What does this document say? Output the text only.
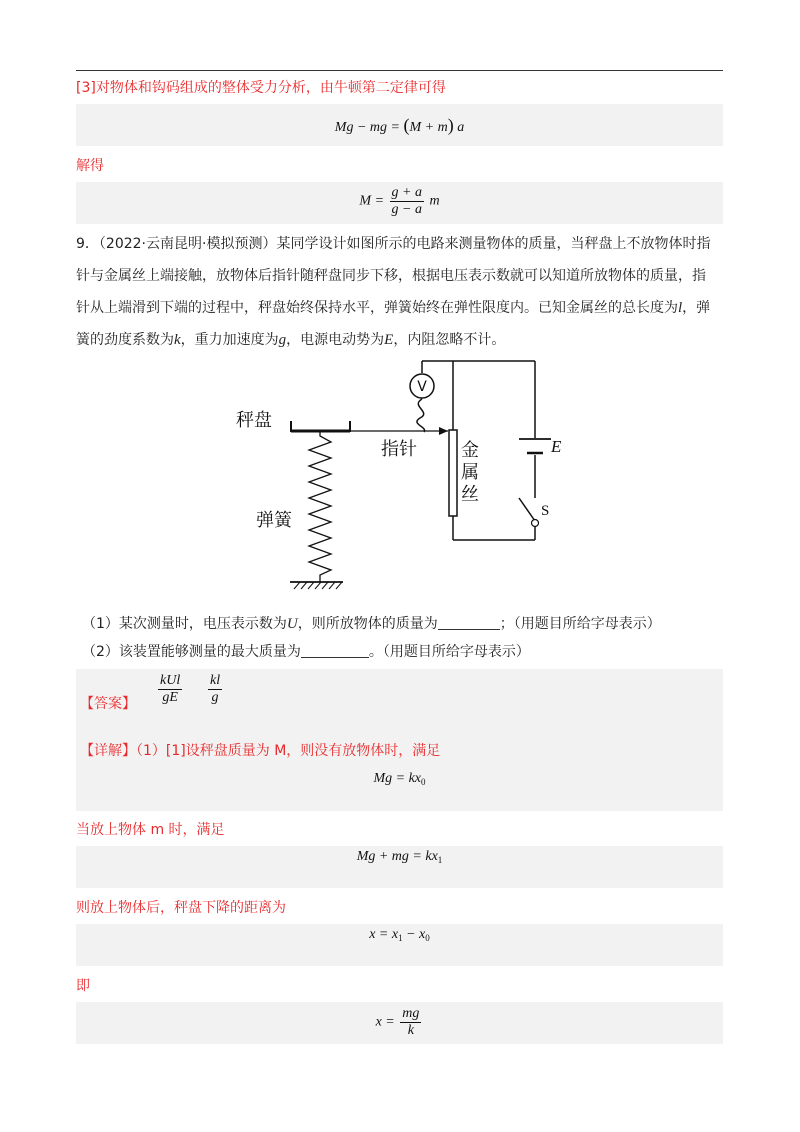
[3]对物体和钩码组成的整体受力分析，由牛顿第二定律可得
Mg − mg = (M + m) a
解得
$M = \frac{g + a}{g - a}$ m
9．（2022·云南昆明·模拟预测）某同学设计如图所示的电路来测量物体的质量，当秤盘上不放物体时指
针与金属丝上端接触，放物体后指针随秤盘同步下移，根据电压表示数就可以知道所放物体的质量，指
针从上端滑到下端的过程中，秤盘始终保持水平，弹簧始终在弹性限度内。已知金属丝的总长度为l，弹
簧的劲度系数为k，重力加速度为g，电源电动势为E，内阻忽略不计。
V
E
S
秤盘
指针 金
属
丝
弹簧
（1）某次测量时，电压表示数为U，则所放物体的质量为	；（用题目所给字母表示）
（2）该装置能够测量的最大质量为	。（用题目所给字母表示）
【答案】 $\frac{\text{kUl}}{gE} \frac{kl}{g}$
【详解】（1）[1]设秤盘质量为 M，则没有放物体时，满足
$Mg = kx_0$
当放上物体 m 时，满足
Mg + mg = $kx_1$
则放上物体后，秤盘下降的距离为
$x = x_1 - x_0$
即
$x = \frac{mg}{k}$
